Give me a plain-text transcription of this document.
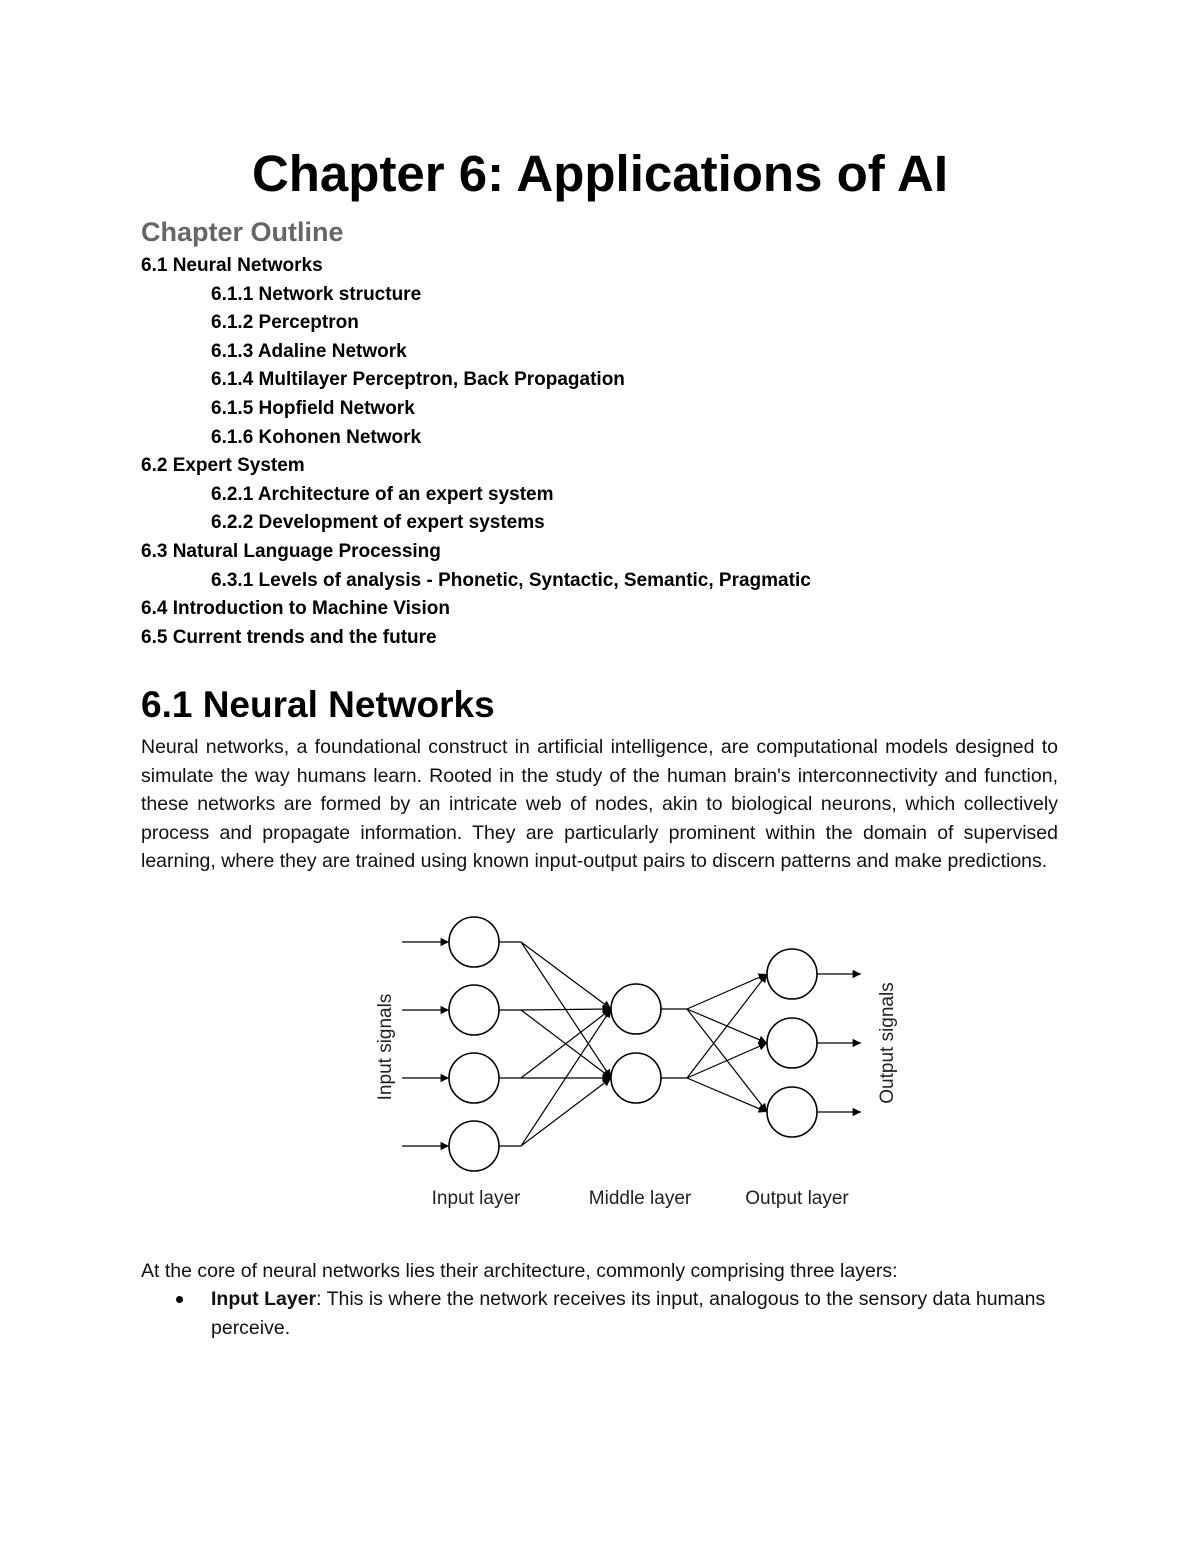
Chapter 6: Applications of AI
Chapter Outline
6.1 Neural Networks
6.1.1 Network structure
6.1.2 Perceptron
6.1.3 Adaline Network
6.1.4 Multilayer Perceptron, Back Propagation
6.1.5 Hopfield Network
6.1.6 Kohonen Network
6.2 Expert System
6.2.1 Architecture of an expert system
6.2.2 Development of expert systems
6.3 Natural Language Processing
6.3.1 Levels of analysis - Phonetic, Syntactic, Semantic, Pragmatic
6.4 Introduction to Machine Vision
6.5 Current trends and the future
6.1 Neural Networks

Neural networks, a foundational construct in artificial intelligence, are computational models designed to simulate the way humans learn. Rooted in the study of the human brain's interconnectivity and function, these networks are formed by an intricate web of nodes, akin to biological neurons, which collectively process and propagate information. They are particularly prominent within the domain of supervised learning, where they are trained using known input-output pairs to discern patterns and make predictions.

Input signals	Output signals
Input layer	Middle layer	Output layer

At the core of neural networks lies their architecture, commonly comprising three layers:

Input Layer: This is where the network receives its input, analogous to the sensory data humans perceive.
